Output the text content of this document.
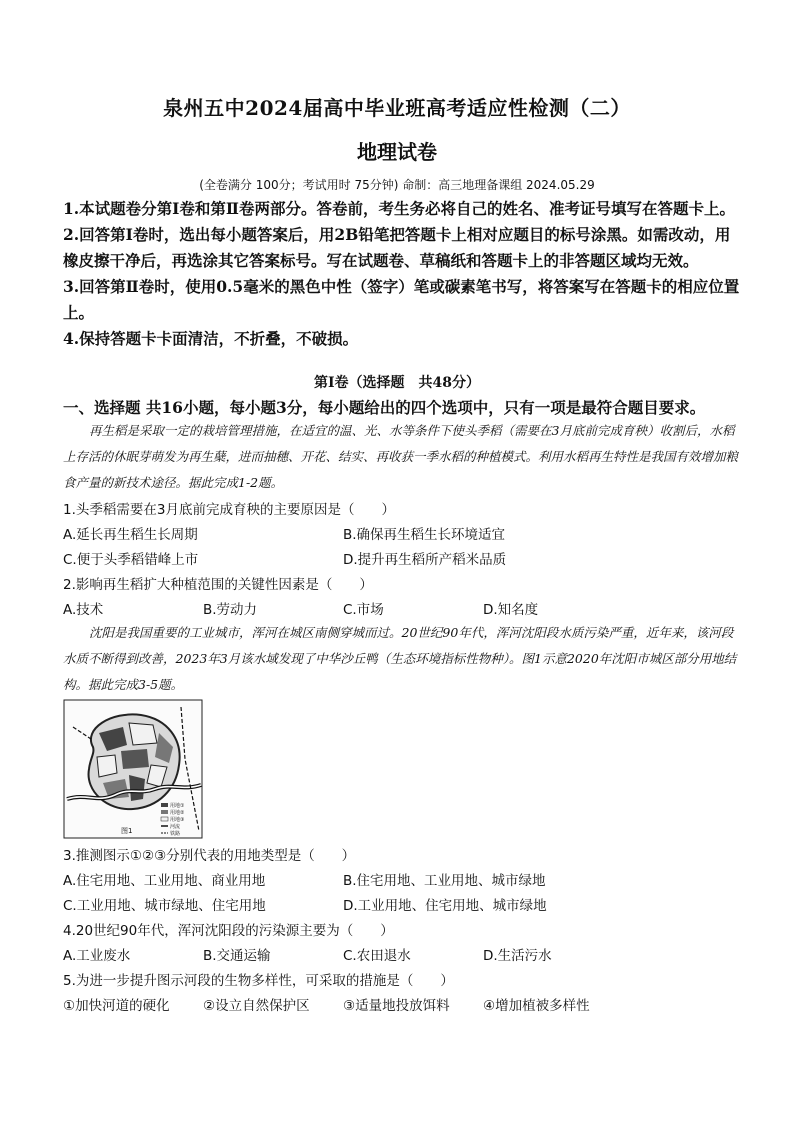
泉州五中2024届高中毕业班高考适应性检测（二）
地理试卷
(全卷满分 100分；考试用时 75分钟) 命制：高三地理备课组 2024.05.29

1.本试题卷分第Ⅰ卷和第Ⅱ卷两部分。答卷前，考生务必将自己的姓名、准考证号填写在答题卡上。

2.回答第Ⅰ卷时，选出每小题答案后，用2B铅笔把答题卡上相对应题目的标号涂黑。如需改动，用橡皮擦干净后，再选涂其它答案标号。写在试题卷、草稿纸和答题卡上的非答题区域均无效。

3.回答第Ⅱ卷时，使用0.5毫米的黑色中性（签字）笔或碳素笔书写，将答案写在答题卡的相应位置上。

4.保持答题卡卡面清洁，不折叠，不破损。

第Ⅰ卷（选择题　共48分）
一、选择题 共16小题，每小题3分，每小题给出的四个选项中，只有一项是最符合题目要求。
再生稻是采取一定的栽培管理措施，在适宜的温、光、水等条件下使头季稻（需要在3月底前完成育秧）收割后，水稻上存活的休眠芽萌发为再生蘖，进而抽穗、开花、结实、再收获一季水稻的种植模式。利用水稻再生特性是我国有效增加粮食产量的新技术途径。据此完成1-2题。
1.头季稻需要在3月底前完成育秧的主要原因是（　　）
A.延长再生稻生长周期	B.确保再生稻生长环境适宜
C.便于头季稻错峰上市	D.提升再生稻所产稻米品质
2.影响再生稻扩大种植范围的关键性因素是（　　）
A.技术	B.劳动力	C.市场	D.知名度
沈阳是我国重要的工业城市，浑河在城区南侧穿城而过。20世纪90年代，浑河沈阳段水质污染严重，近年来，该河段水质不断得到改善，2023年3月该水域发现了中华沙丘鸭（生态环境指标性物种）。图1示意2020年沈阳市城区部分用地结构。据此完成3-5题。
用地①
用地②
用地③
河流
铁路
图1
3.推测图示①②③分别代表的用地类型是（　　）
A.住宅用地、工业用地、商业用地	B.住宅用地、工业用地、城市绿地
C.工业用地、城市绿地、住宅用地	D.工业用地、住宅用地、城市绿地
4.20世纪90年代，浑河沈阳段的污染源主要为（　　）
A.工业废水	B.交通运输	C.农田退水	D.生活污水
5.为进一步提升图示河段的生物多样性，可采取的措施是（　　）
①加快河道的硬化 ②设立自然保护区 ③适量地投放饵料 ④增加植被多样性
